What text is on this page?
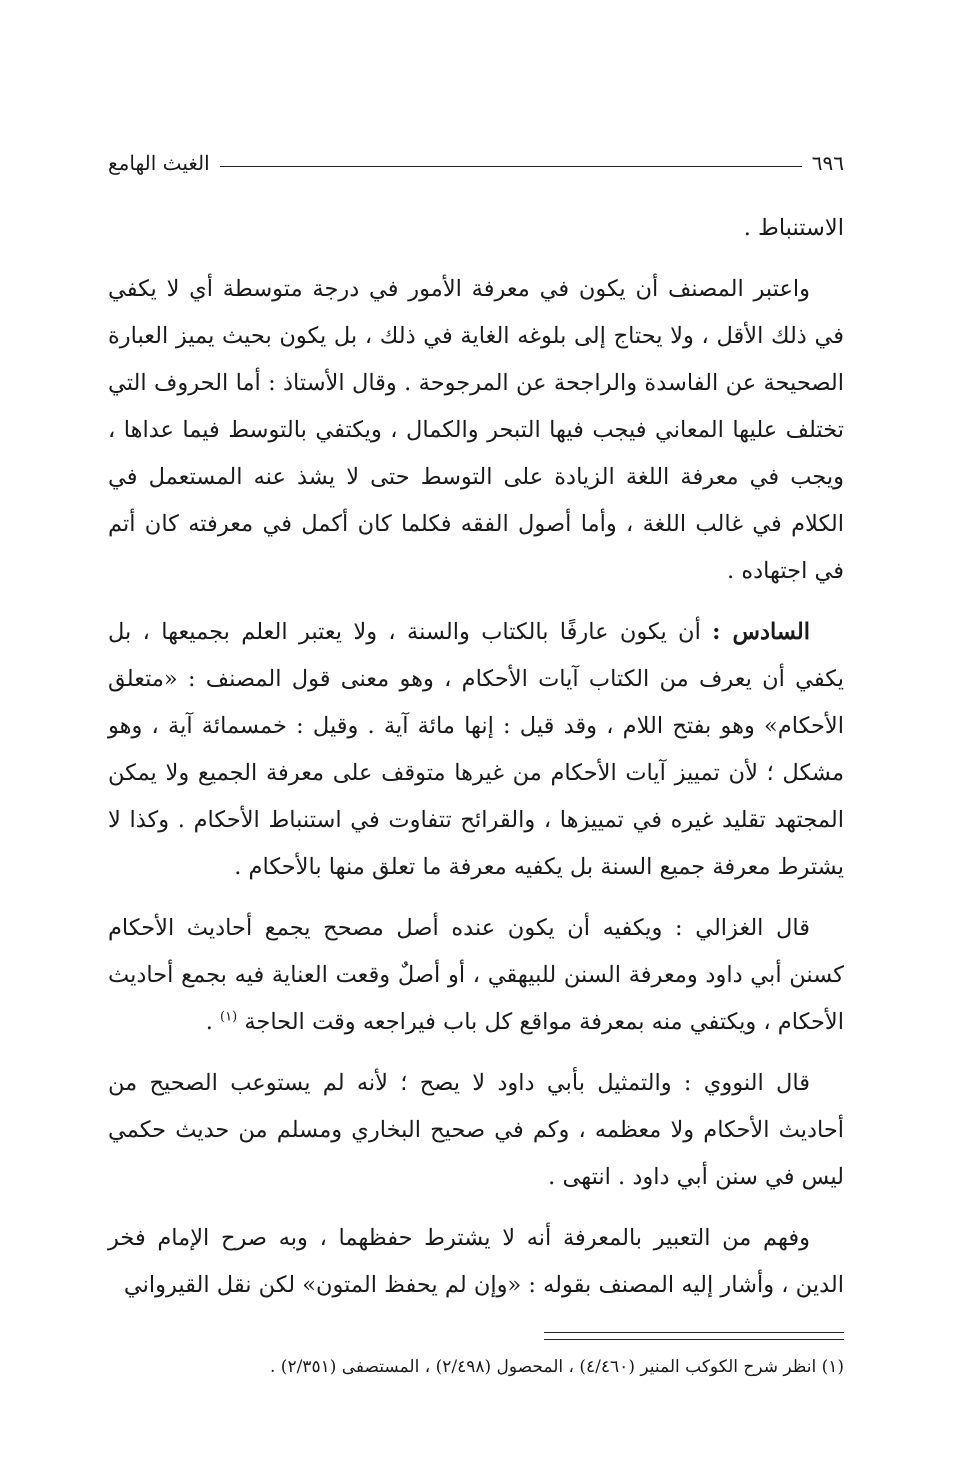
٦٩٦
الغيث الهامع

الاستنباط .

واعتبر المصنف أن يكون في معرفة الأمور في درجة متوسطة أي لا يكفي في ذلك الأقل ، ولا يحتاج إلى بلوغه الغاية في ذلك ، بل يكون بحيث يميز العبارة الصحيحة عن الفاسدة والراجحة عن المرجوحة . وقال الأستاذ : أما الحروف التي تختلف عليها المعاني فيجب فيها التبحر والكمال ، ويكتفي بالتوسط فيما عداها ، ويجب في معرفة اللغة الزيادة على التوسط حتى لا يشذ عنه المستعمل في الكلام في غالب اللغة ، وأما أصول الفقه فكلما كان أكمل في معرفته كان أتم في اجتهاده .

السادس : أن يكون عارفًا بالكتاب والسنة ، ولا يعتبر العلم بجميعها ، بل يكفي أن يعرف من الكتاب آيات الأحكام ، وهو معنى قول المصنف : «متعلق الأحكام» وهو بفتح اللام ، وقد قيل : إنها مائة آية . وقيل : خمسمائة آية ، وهو مشكل ؛ لأن تمييز آيات الأحكام من غيرها متوقف على معرفة الجميع ولا يمكن المجتهد تقليد غيره في تمييزها ، والقرائح تتفاوت في استنباط الأحكام . وكذا لا يشترط معرفة جميع السنة بل يكفيه معرفة ما تعلق منها بالأحكام .

قال الغزالي : ويكفيه أن يكون عنده أصل مصحح يجمع أحاديث الأحكام كسنن أبي داود ومعرفة السنن للبيهقي ، أو أصلٌ وقعت العناية فيه بجمع أحاديث الأحكام ، ويكتفي منه بمعرفة مواقع كل باب فيراجعه وقت الحاجة $^{(١)}$ .

قال النووي : والتمثيل بأبي داود لا يصح ؛ لأنه لم يستوعب الصحيح من أحاديث الأحكام ولا معظمه ، وكم في صحيح البخاري ومسلم من حديث حكمي ليس في سنن أبي داود . انتهى .

وفهم من التعبير بالمعرفة أنه لا يشترط حفظهما ، وبه صرح الإمام فخر الدين ، وأشار إليه المصنف بقوله : «وإن لم يحفظ المتون» لكن نقل القيرواني

(١) انظر شرح الكوكب المنير (٤/٤٦٠) ، المحصول (٢/٤٩٨) ، المستصفى (٢/٣٥١) .
